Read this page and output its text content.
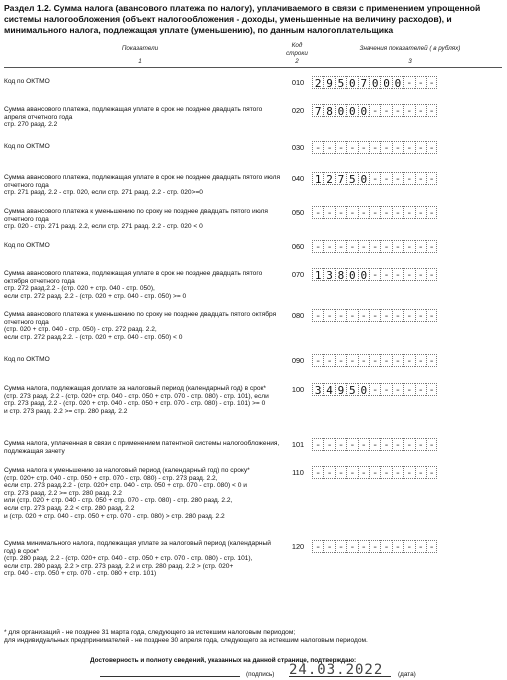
Раздел 1.2. Сумма налога (авансового платежа по налогу), уплачиваемого в связи с применением упрощенной системы налогообложения (объект налогообложения - доходы, уменьшенные на величину расходов), и минимального налога, подлежащая уплате (уменьшению), по данным налогоплательщика
Показатели	Код строки
Значения показателей ( в рублях)
1	2	3
Код по ОКТМО	010 2 9 5 0 7 0 0 0 - - -
Сумма авансового платежа, подлежащая уплате в срок не позднее двадцать пятого апреля отчетного года
стр. 270 разд. 2.2
020 7 8 0 0 0 - - - - - -
Код по ОКТМО	030	- - - - - - - - - - -
Сумма авансового платежа, подлежащая уплате в срок не позднее двадцать пятого июля отчетного года
стр. 271 разд. 2.2 - стр. 020, если стр. 271 разд. 2.2 - стр. 020>=0
040 1 2 7 5 0 - - - - - -
Сумма авансового платежа к уменьшению по сроку не позднее двадцать пятого июля отчетного года
стр. 020 - стр. 271 разд. 2.2, если стр. 271 разд. 2.2 - стр. 020 < 0
050	- - - - - - - - - - -
Код по ОКТМО	060	- - - - - - - - - - -
Сумма авансового платежа, подлежащая уплате в срок не позднее двадцать пятого октября отчетного года
стр. 272 разд.2.2 - (стр. 020 + стр. 040 - стр. 050),
если стр. 272 разд. 2.2 - (стр. 020 + стр. 040 - стр. 050) >= 0
070 1 3 8 0 0 - - - - - -
Сумма авансового платежа к уменьшению по сроку не позднее двадцать пятого октября отчетного года
(стр. 020 + стр. 040 - стр. 050) - стр. 272 разд. 2.2,
если стр. 272 разд.2.2. - (стр. 020 + стр. 040 - стр. 050) < 0
080	- - - - - - - - - - -
Код по ОКТМО	090	- - - - - - - - - - -
Сумма налога, подлежащая доплате за налоговый период (календарный год) в срок*
(стр. 273 разд. 2.2 - (стр. 020+ стр. 040 - стр. 050 + стр. 070 - стр. 080) - стр. 101), если
стр. 273 разд. 2.2 - (стр. 020 + стр. 040 - стр. 050 + стр. 070 - стр. 080) - стр. 101) >= 0
и стр. 273 разд. 2.2 >= стр. 280 разд. 2.2
100 3 4 9 5 0 - - - - - -
Сумма налога, уплаченная в связи с применением патентной системы налогообложения, подлежащая зачету
101	- - - - - - - - - - -
Сумма налога к уменьшению за налоговый период (календарный год) по сроку*
(стр. 020+ стр. 040 - стр. 050 + стр. 070 - стр. 080) - стр. 273 разд. 2.2,
если стр. 273 разд.2.2 - (стр. 020+ стр. 040 - стр. 050 + стр. 070 - стр. 080) < 0 и
стр. 273 разд. 2.2 >= стр. 280 разд. 2.2
или (стр. 020 + стр. 040 - стр. 050 + стр. 070 - стр. 080) - стр. 280 разд. 2.2,
если стр. 273 разд. 2.2 < стр. 280 разд. 2.2
и (стр. 020 + стр. 040 - стр. 050 + стр. 070 - стр. 080) > стр. 280 разд. 2.2
110	- - - - - - - - - - -
Сумма минимального налога, подлежащая уплате за налоговый период (календарный год) в срок*
(стр. 280 разд. 2.2 - (стр. 020+ стр. 040 - стр. 050 + стр. 070 - стр. 080) - стр. 101),
если стр. 280 разд. 2.2 > стр. 273 разд. 2.2 и стр. 280 разд. 2.2 > (стр. 020+
стр. 040 - стр. 050 + стр. 070 - стр. 080 + стр. 101)
120	- - - - - - - - - - -
* для организаций - не позднее 31 марта года, следующего за истекшим налоговым периодом;
для индивидуальных предпринимателей - не позднее 30 апреля года, следующего за истекшим налоговым периодом.
Достоверность и полноту сведений, указанных на данной странице, подтверждаю:
(подпись) 24.03.2022 (дата)
